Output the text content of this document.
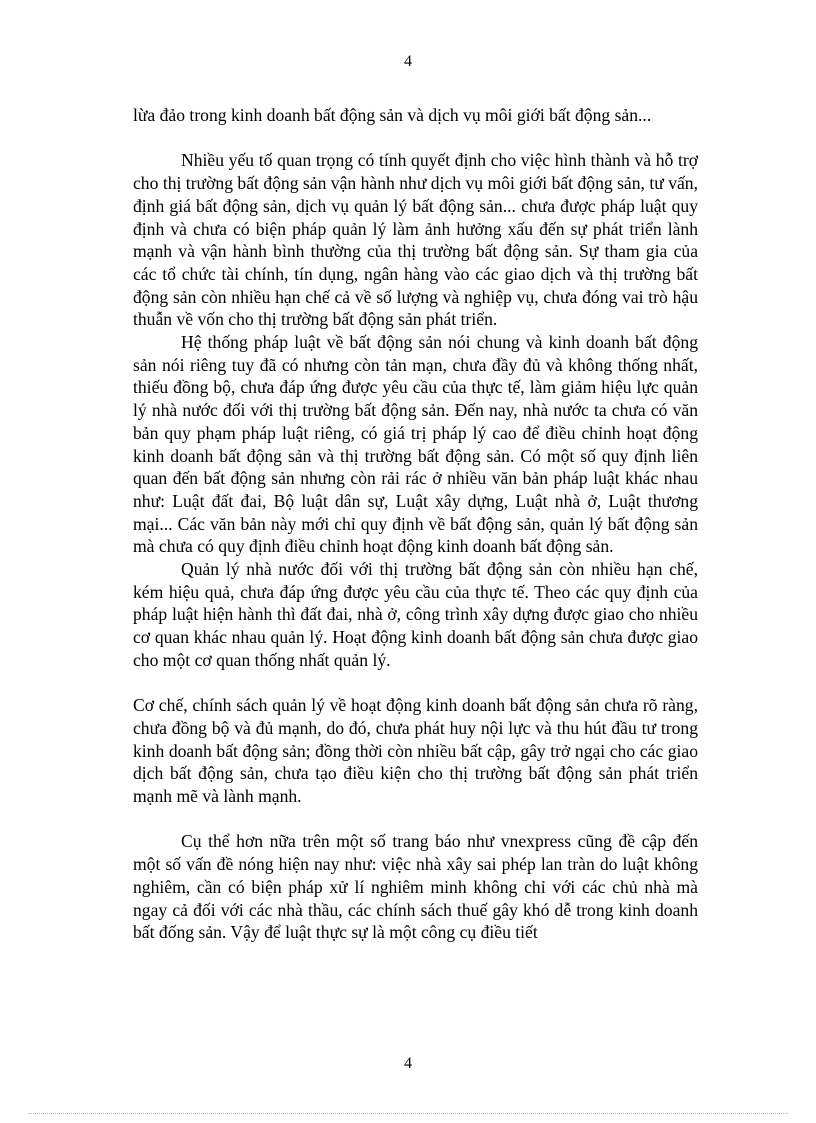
4

lừa đảo trong kinh doanh bất động sản và dịch vụ môi giới bất động sản...

Nhiều yếu tố quan trọng có tính quyết định cho việc hình thành và hỗ trợ cho thị trường bất động sản vận hành như dịch vụ môi giới bất động sản, tư vấn, định giá bất động sản, dịch vụ quản lý bất động sản... chưa được pháp luật quy định và chưa có biện pháp quản lý làm ảnh hưởng xấu đến sự phát triển lành mạnh và vận hành bình thường của thị trường bất động sản. Sự tham gia của các tổ chức tài chính, tín dụng, ngân hàng vào các giao dịch và thị trường bất động sản còn nhiều hạn chế cả về số lượng và nghiệp vụ, chưa đóng vai trò hậu thuẫn về vốn cho thị trường bất động sản phát triển.

Hệ thống pháp luật về bất động sản nói chung và kinh doanh bất động sản nói riêng tuy đã có nhưng còn tản mạn, chưa đầy đủ và không thống nhất, thiếu đồng bộ, chưa đáp ứng được yêu cầu của thực tế, làm giảm hiệu lực quản lý nhà nước đối với thị trường bất động sản. Đến nay, nhà nước ta chưa có văn bản quy phạm pháp luật riêng, có giá trị pháp lý cao để điều chỉnh hoạt động kinh doanh bất động sản và thị trường bất động sản. Có một số quy định liên quan đến bất động sản nhưng còn rải rác ở nhiều văn bản pháp luật khác nhau như: Luật đất đai, Bộ luật dân sự, Luật xây dựng, Luật nhà ở, Luật thương mại... Các văn bản này mới chỉ quy định về bất động sản, quản lý bất động sản mà chưa có quy định điều chỉnh hoạt động kinh doanh bất động sản.

Quản lý nhà nước đối với thị trường bất động sản còn nhiều hạn chế, kém hiệu quả, chưa đáp ứng được yêu cầu của thực tế. Theo các quy định của pháp luật hiện hành thì đất đai, nhà ở, công trình xây dựng được giao cho nhiều cơ quan khác nhau quản lý. Hoạt động kinh doanh bất động sản chưa được giao cho một cơ quan thống nhất quản lý.

Cơ chế, chính sách quản lý về hoạt động kinh doanh bất động sản chưa rõ ràng, chưa đồng bộ và đủ mạnh, do đó, chưa phát huy nội lực và thu hút đầu tư trong kinh doanh bất động sản; đồng thời còn nhiều bất cập, gây trở ngại cho các giao dịch bất động sản, chưa tạo điều kiện cho thị trường bất động sản phát triển mạnh mẽ và lành mạnh.

Cụ thể hơn nữa trên một số trang báo như vnexpress cũng đề cập đến một số vấn đề nóng hiện nay như: việc nhà xây sai phép lan tràn do luật không nghiêm, cần có biện pháp xử lí nghiêm minh không chỉ với các chủ nhà mà ngay cả đối với các nhà thầu, các chính sách thuế gây khó dễ trong kinh doanh bất đống sản. Vậy để luật thực sự là một công cụ điều tiết

4
